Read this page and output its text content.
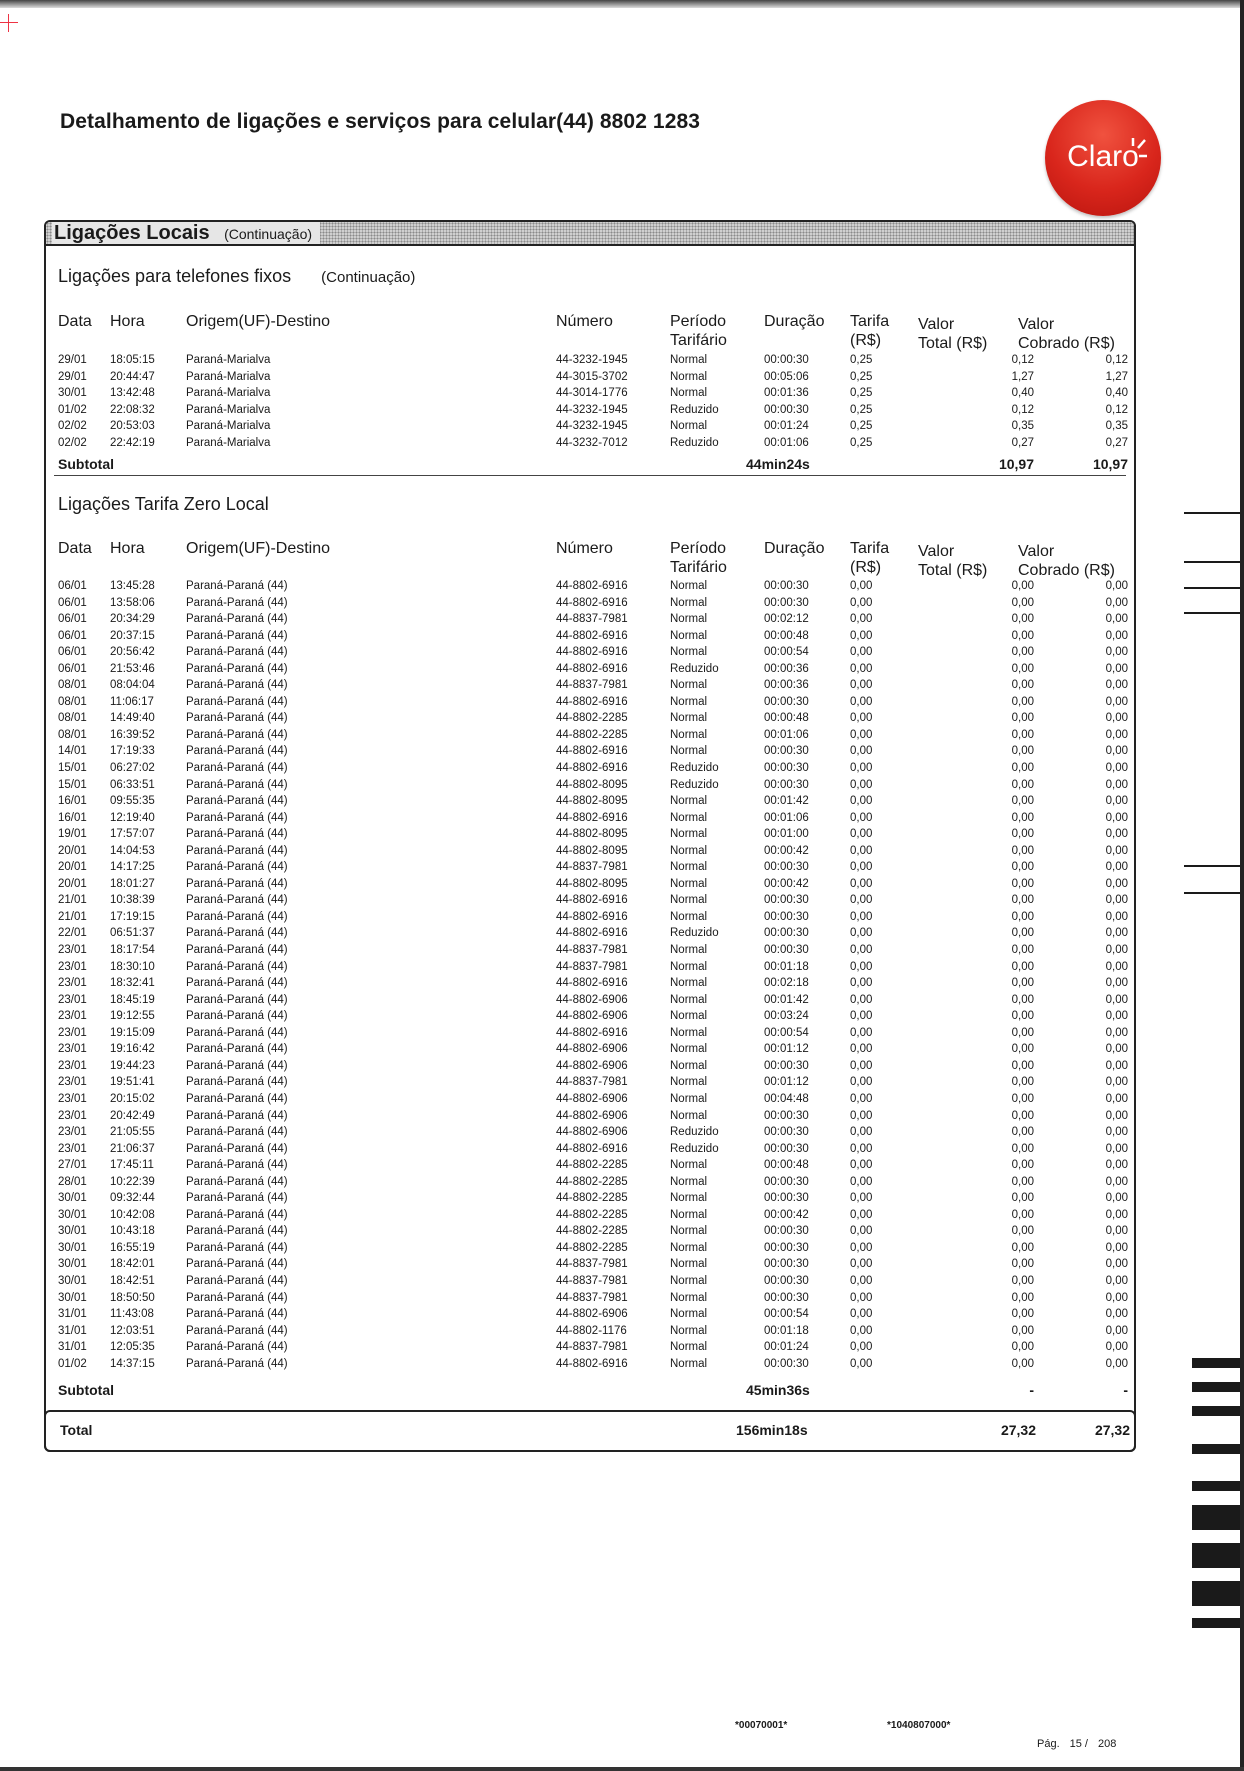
Detalhamento de ligações e serviços para celular(44) 8802 1283
Claro
Ligações Locais (Continuação)
Ligações para telefones fixos (Continuação)
Data	Hora	Origem(UF)-Destino	Número	Período
Tarifário
Duração	Tarifa
(R$)
Valor
Total (R$)
Valor
Cobrado (R$)
29/01	18:05:15	Paraná-Marialva	44-3232-1945	Normal	00:00:30	0,25	0,12	0,12
29/01	20:44:47	Paraná-Marialva	44-3015-3702	Normal	00:05:06	0,25	1,27	1,27
30/01	13:42:48	Paraná-Marialva	44-3014-1776	Normal	00:01:36	0,25	0,40	0,40
01/02	22:08:32	Paraná-Marialva	44-3232-1945	Reduzido	00:00:30	0,25	0,12	0,12
02/02	20:53:03	Paraná-Marialva	44-3232-1945	Normal	00:01:24	0,25	0,35	0,35
02/02	22:42:19	Paraná-Marialva	44-3232-7012	Reduzido	00:01:06	0,25	0,27	0,27
Subtotal	44min24s	10,97	10,97
Ligações Tarifa Zero Local
Data	Hora	Origem(UF)-Destino	Número	Período
Tarifário
Duração	Tarifa
(R$)
Valor
Total (R$)
Valor
Cobrado (R$)
06/01	13:45:28	Paraná-Paraná (44)	44-8802-6916	Normal	00:00:30	0,00	0,00	0,00
06/01	13:58:06	Paraná-Paraná (44)	44-8802-6916	Normal	00:00:30	0,00	0,00	0,00
06/01	20:34:29	Paraná-Paraná (44)	44-8837-7981	Normal	00:02:12	0,00	0,00	0,00
06/01	20:37:15	Paraná-Paraná (44)	44-8802-6916	Normal	00:00:48	0,00	0,00	0,00
06/01	20:56:42	Paraná-Paraná (44)	44-8802-6916	Normal	00:00:54	0,00	0,00	0,00
06/01	21:53:46	Paraná-Paraná (44)	44-8802-6916	Reduzido	00:00:36	0,00	0,00	0,00
08/01	08:04:04	Paraná-Paraná (44)	44-8837-7981	Normal	00:00:36	0,00	0,00	0,00
08/01	11:06:17	Paraná-Paraná (44)	44-8802-6916	Normal	00:00:30	0,00	0,00	0,00
08/01	14:49:40	Paraná-Paraná (44)	44-8802-2285	Normal	00:00:48	0,00	0,00	0,00
08/01	16:39:52	Paraná-Paraná (44)	44-8802-2285	Normal	00:01:06	0,00	0,00	0,00
14/01	17:19:33	Paraná-Paraná (44)	44-8802-6916	Normal	00:00:30	0,00	0,00	0,00
15/01	06:27:02	Paraná-Paraná (44)	44-8802-6916	Reduzido	00:00:30	0,00	0,00	0,00
15/01	06:33:51	Paraná-Paraná (44)	44-8802-8095	Reduzido	00:00:30	0,00	0,00	0,00
16/01	09:55:35	Paraná-Paraná (44)	44-8802-8095	Normal	00:01:42	0,00	0,00	0,00
16/01	12:19:40	Paraná-Paraná (44)	44-8802-6916	Normal	00:01:06	0,00	0,00	0,00
19/01	17:57:07	Paraná-Paraná (44)	44-8802-8095	Normal	00:01:00	0,00	0,00	0,00
20/01	14:04:53	Paraná-Paraná (44)	44-8802-8095	Normal	00:00:42	0,00	0,00	0,00
20/01	14:17:25	Paraná-Paraná (44)	44-8837-7981	Normal	00:00:30	0,00	0,00	0,00
20/01	18:01:27	Paraná-Paraná (44)	44-8802-8095	Normal	00:00:42	0,00	0,00	0,00
21/01	10:38:39	Paraná-Paraná (44)	44-8802-6916	Normal	00:00:30	0,00	0,00	0,00
21/01	17:19:15	Paraná-Paraná (44)	44-8802-6916	Normal	00:00:30	0,00	0,00	0,00
22/01	06:51:37	Paraná-Paraná (44)	44-8802-6916	Reduzido	00:00:30	0,00	0,00	0,00
23/01	18:17:54	Paraná-Paraná (44)	44-8837-7981	Normal	00:00:30	0,00	0,00	0,00
23/01	18:30:10	Paraná-Paraná (44)	44-8837-7981	Normal	00:01:18	0,00	0,00	0,00
23/01	18:32:41	Paraná-Paraná (44)	44-8802-6916	Normal	00:02:18	0,00	0,00	0,00
23/01	18:45:19	Paraná-Paraná (44)	44-8802-6906	Normal	00:01:42	0,00	0,00	0,00
23/01	19:12:55	Paraná-Paraná (44)	44-8802-6906	Normal	00:03:24	0,00	0,00	0,00
23/01	19:15:09	Paraná-Paraná (44)	44-8802-6916	Normal	00:00:54	0,00	0,00	0,00
23/01	19:16:42	Paraná-Paraná (44)	44-8802-6906	Normal	00:01:12	0,00	0,00	0,00
23/01	19:44:23	Paraná-Paraná (44)	44-8802-6906	Normal	00:00:30	0,00	0,00	0,00
23/01	19:51:41	Paraná-Paraná (44)	44-8837-7981	Normal	00:01:12	0,00	0,00	0,00
23/01	20:15:02	Paraná-Paraná (44)	44-8802-6906	Normal	00:04:48	0,00	0,00	0,00
23/01	20:42:49	Paraná-Paraná (44)	44-8802-6906	Normal	00:00:30	0,00	0,00	0,00
23/01	21:05:55	Paraná-Paraná (44)	44-8802-6906	Reduzido	00:00:30	0,00	0,00	0,00
23/01	21:06:37	Paraná-Paraná (44)	44-8802-6916	Reduzido	00:00:30	0,00	0,00	0,00
27/01	17:45:11	Paraná-Paraná (44)	44-8802-2285	Normal	00:00:48	0,00	0,00	0,00
28/01	10:22:39	Paraná-Paraná (44)	44-8802-2285	Normal	00:00:30	0,00	0,00	0,00
30/01	09:32:44	Paraná-Paraná (44)	44-8802-2285	Normal	00:00:30	0,00	0,00	0,00
30/01	10:42:08	Paraná-Paraná (44)	44-8802-2285	Normal	00:00:42	0,00	0,00	0,00
30/01	10:43:18	Paraná-Paraná (44)	44-8802-2285	Normal	00:00:30	0,00	0,00	0,00
30/01	16:55:19	Paraná-Paraná (44)	44-8802-2285	Normal	00:00:30	0,00	0,00	0,00
30/01	18:42:01	Paraná-Paraná (44)	44-8837-7981	Normal	00:00:30	0,00	0,00	0,00
30/01	18:42:51	Paraná-Paraná (44)	44-8837-7981	Normal	00:00:30	0,00	0,00	0,00
30/01	18:50:50	Paraná-Paraná (44)	44-8837-7981	Normal	00:00:30	0,00	0,00	0,00
31/01	11:43:08	Paraná-Paraná (44)	44-8802-6906	Normal	00:00:54	0,00	0,00	0,00
31/01	12:03:51	Paraná-Paraná (44)	44-8802-1176	Normal	00:01:18	0,00	0,00	0,00
31/01	12:05:35	Paraná-Paraná (44)	44-8837-7981	Normal	00:01:24	0,00	0,00	0,00
01/02	14:37:15	Paraná-Paraná (44)	44-8802-6916	Normal	00:00:30	0,00	0,00	0,00
Subtotal	45min36s	-	-
Total	156min18s	27,32	27,32
*00070001*	*1040807000*
Pág. 15 / 208
